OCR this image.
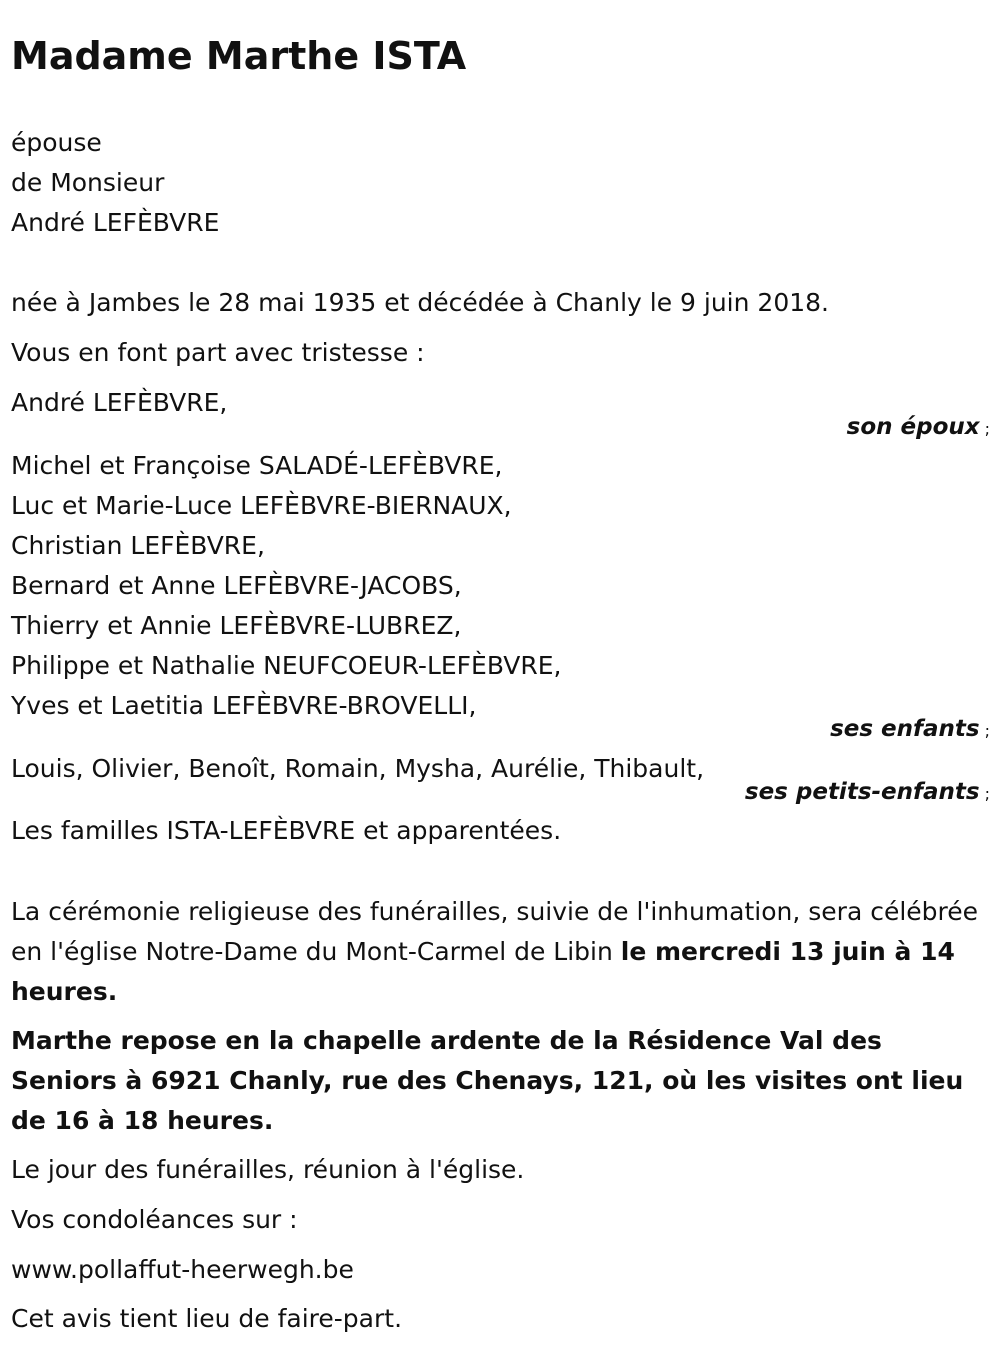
Madame Marthe ISTA

épouse

de Monsieur

André LEFÈBVRE

née à Jambes le 28 mai 1935 et décédée à Chanly le 9 juin 2018.

Vous en font part avec tristesse :

André LEFÈBVRE,

son époux ;

Michel et Françoise SALADÉ-LEFÈBVRE,

Luc et Marie-Luce LEFÈBVRE-BIERNAUX,

Christian LEFÈBVRE,

Bernard et Anne LEFÈBVRE-JACOBS,

Thierry et Annie LEFÈBVRE-LUBREZ,

Philippe et Nathalie NEUFCOEUR-LEFÈBVRE,

Yves et Laetitia LEFÈBVRE-BROVELLI,

ses enfants ;

Louis, Olivier, Benoît, Romain, Mysha, Aurélie, Thibault,

ses petits-enfants ;

Les familles ISTA-LEFÈBVRE et apparentées.

La cérémonie religieuse des funérailles, suivie de l'inhumation, sera célébrée en l'église Notre-Dame du Mont-Carmel de Libin le mercredi 13 juin à 14 heures.

Marthe repose en la chapelle ardente de la Résidence Val des Seniors à 6921 Chanly, rue des Chenays, 121, où les visites ont lieu de 16 à 18 heures.

Le jour des funérailles, réunion à l'église.

Vos condoléances sur :

www.pollaffut-heerwegh.be

Cet avis tient lieu de faire-part.
